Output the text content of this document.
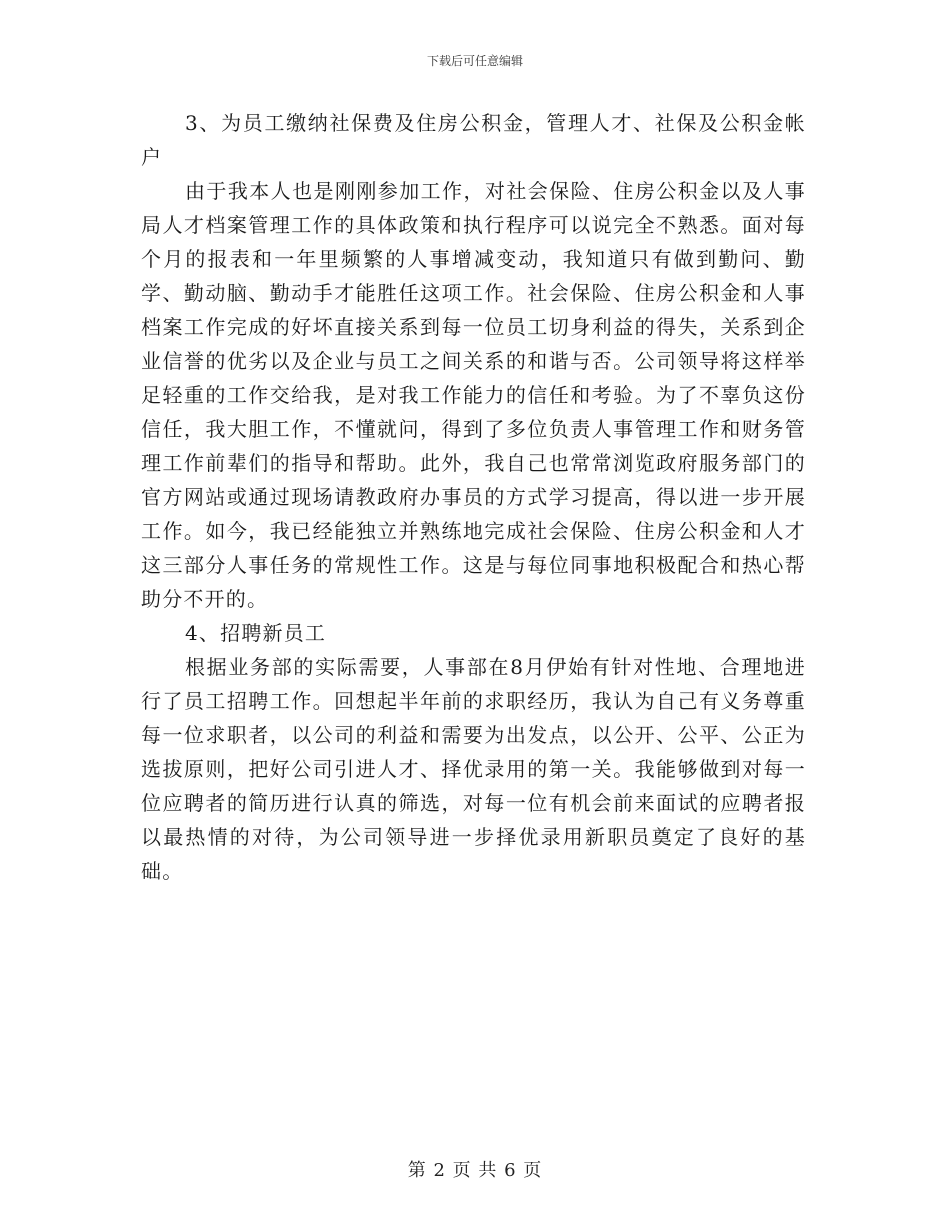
下载后可任意编辑

3、为员工缴纳社保费及住房公积金，管理人才、社保及公积金帐户

由于我本人也是刚刚参加工作，对社会保险、住房公积金以及人事局人才档案管理工作的具体政策和执行程序可以说完全不熟悉。面对每个月的报表和一年里频繁的人事增减变动，我知道只有做到勤问、勤学、勤动脑、勤动手才能胜任这项工作。社会保险、住房公积金和人事档案工作完成的好坏直接关系到每一位员工切身利益的得失，关系到企业信誉的优劣以及企业与员工之间关系的和谐与否。公司领导将这样举足轻重的工作交给我，是对我工作能力的信任和考验。为了不辜负这份信任，我大胆工作，不懂就问，得到了多位负责人事管理工作和财务管理工作前辈们的指导和帮助。此外，我自己也常常浏览政府服务部门的官方网站或通过现场请教政府办事员的方式学习提高，得以进一步开展工作。如今，我已经能独立并熟练地完成社会保险、住房公积金和人才这三部分人事任务的常规性工作。这是与每位同事地积极配合和热心帮助分不开的。

4、招聘新员工

根据业务部的实际需要，人事部在8月伊始有针对性地、合理地进行了员工招聘工作。回想起半年前的求职经历，我认为自己有义务尊重每一位求职者，以公司的利益和需要为出发点，以公开、公平、公正为选拔原则，把好公司引进人才、择优录用的第一关。我能够做到对每一位应聘者的简历进行认真的筛选，对每一位有机会前来面试的应聘者报以最热情的对待，为公司领导进一步择优录用新职员奠定了良好的基础。

第 2 页 共 6 页
